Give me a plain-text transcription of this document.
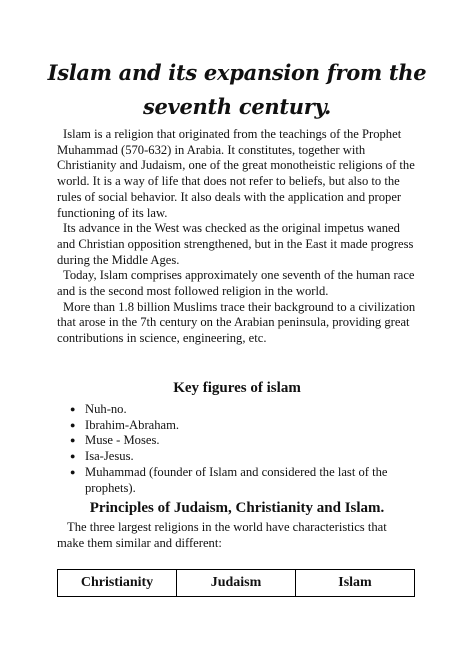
Islam and its expansion from the seventh century.

Islam is a religion that originated from the teachings of the Prophet Muhammad (570-632) in Arabia. It constitutes, together with Christianity and Judaism, one of the great monotheistic religions of the world. It is a way of life that does not refer to beliefs, but also to the rules of social behavior. It also deals with the application and proper functioning of its law.

Its advance in the West was checked as the original impetus waned and Christian opposition strengthened, but in the East it made progress during the Middle Ages.

Today, Islam comprises approximately one seventh of the human race and is the second most followed religion in the world.

More than 1.8 billion Muslims trace their background to a civilization that arose in the 7th century on the Arabian peninsula, providing great contributions in science, engineering, etc.

Key figures of islam
● Nuh-no.
● Ibrahim-Abraham.
● Muse - Moses.
● Isa-Jesus.
● Muhammad (founder of Islam and considered the last of the prophets).
Principles of Judaism, Christianity and Islam.

The three largest religions in the world have characteristics that make them similar and different:

Christianity	Judaism	Islam
